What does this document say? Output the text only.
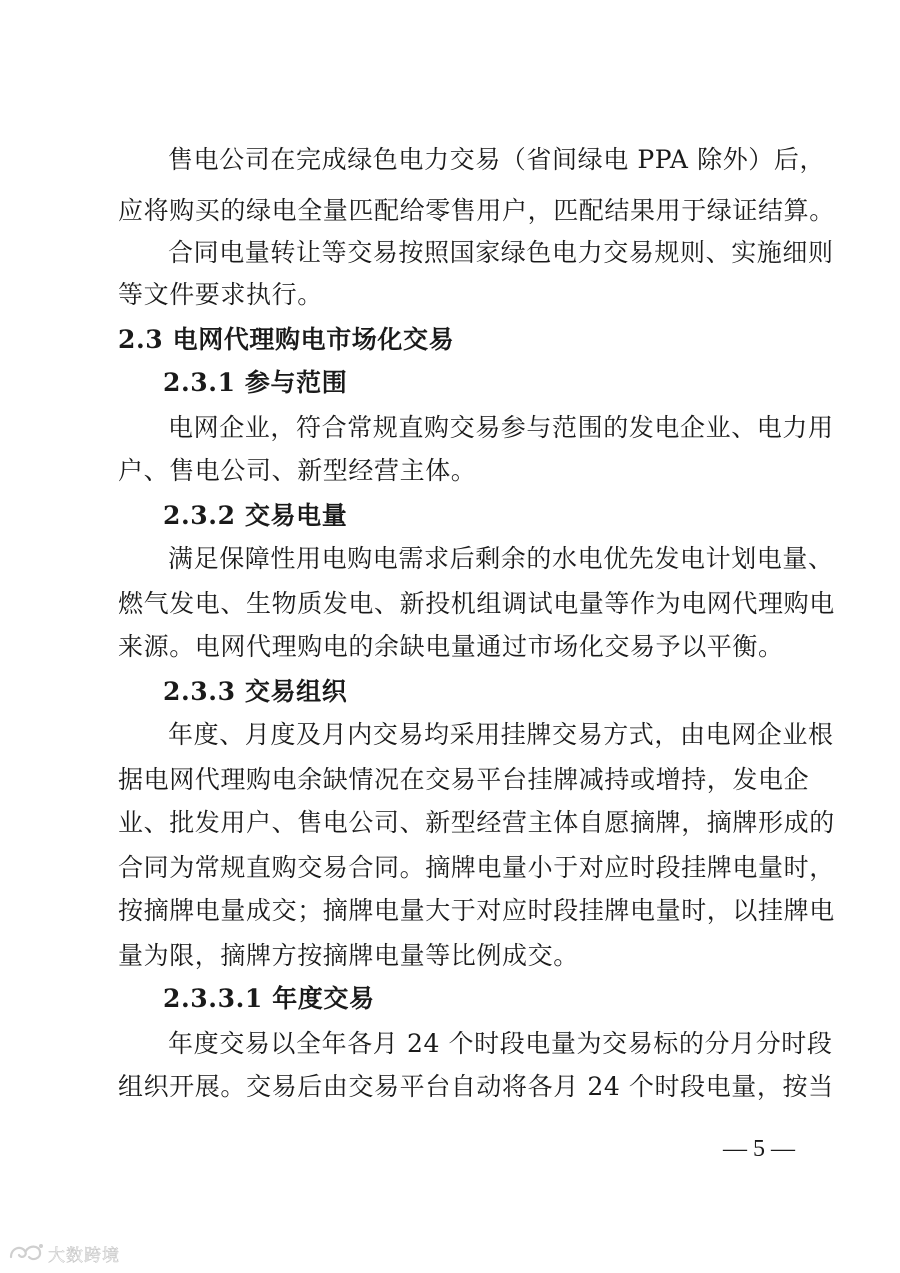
售电公司在完成绿色电力交易（省间绿电 PPA 除外）后，
应将购买的绿电全量匹配给零售用户，匹配结果用于绿证结算。
合同电量转让等交易按照国家绿色电力交易规则、实施细则
等文件要求执行。
2.3 电网代理购电市场化交易
2.3.1 参与范围
电网企业，符合常规直购交易参与范围的发电企业、电力用
户、售电公司、新型经营主体。
2.3.2 交易电量
满足保障性用电购电需求后剩余的水电优先发电计划电量、
燃气发电、生物质发电、新投机组调试电量等作为电网代理购电
来源。电网代理购电的余缺电量通过市场化交易予以平衡。
2.3.3 交易组织
年度、月度及月内交易均采用挂牌交易方式，由电网企业根
据电网代理购电余缺情况在交易平台挂牌减持或增持，发电企
业、批发用户、售电公司、新型经营主体自愿摘牌，摘牌形成的
合同为常规直购交易合同。摘牌电量小于对应时段挂牌电量时，
按摘牌电量成交；摘牌电量大于对应时段挂牌电量时，以挂牌电
量为限，摘牌方按摘牌电量等比例成交。
2.3.3.1 年度交易
年度交易以全年各月 24 个时段电量为交易标的分月分时段
组织开展。交易后由交易平台自动将各月 24 个时段电量，按当
— 5 —
大数跨境
